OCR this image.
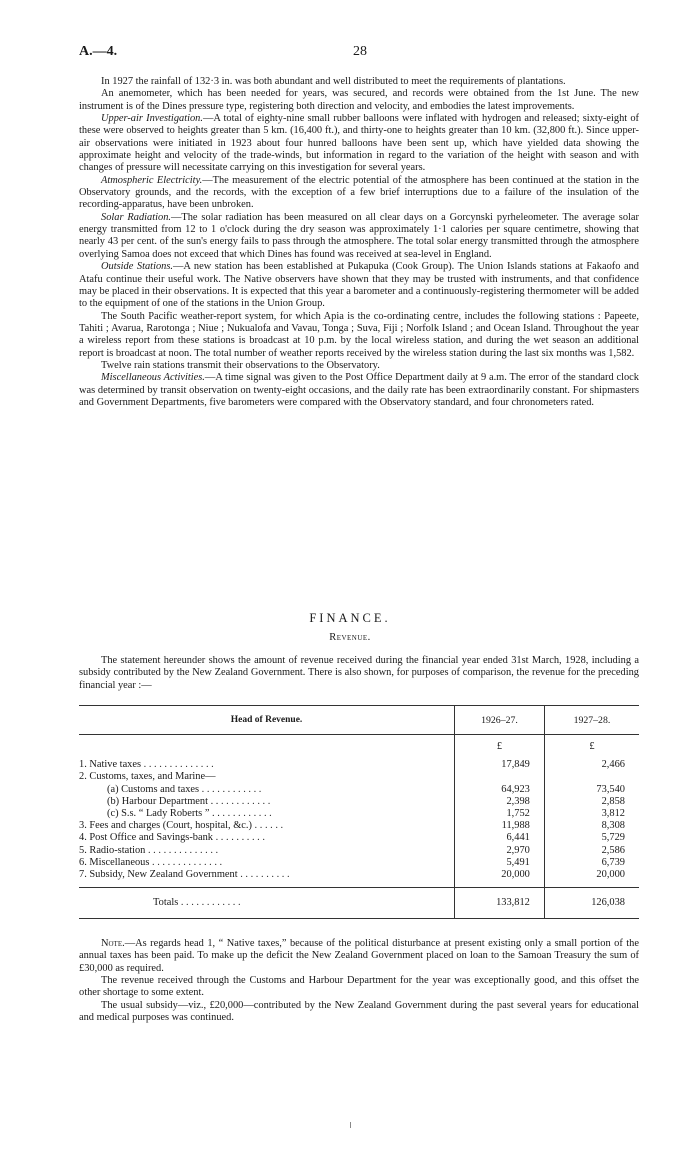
A.—4.	28

In 1927 the rainfall of 132·3 in. was both abundant and well distributed to meet the requirements of plantations.

An anemometer, which has been needed for years, was secured, and records were obtained from the 1st June. The new instrument is of the Dines pressure type, registering both direction and velocity, and embodies the latest improvements.

Upper-air Investigation.—A total of eighty-nine small rubber balloons were inflated with hydrogen and released; sixty-eight of these were observed to heights greater than 5 km. (16,400 ft.), and thirty-one to heights greater than 10 km. (32,800 ft.). Since upper-air observations were initiated in 1923 about four hunred balloons have been sent up, which have yielded data showing the approximate height and velocity of the trade-winds, but information in regard to the variation of the height with season and with changes of pressure will necessitate carrying on this investigation for several years.

Atmospheric Electricity.—The measurement of the electric potential of the atmosphere has been continued at the station in the Observatory grounds, and the records, with the exception of a few brief interruptions due to a failure of the insulation of the recording-apparatus, have been unbroken.

Solar Radiation.—The solar radiation has been measured on all clear days on a Gorcynski pyrheleometer. The average solar energy transmitted from 12 to 1 o'clock during the dry season was approximately 1·1 calories per square centimetre, showing that nearly 43 per cent. of the sun's energy fails to pass through the atmosphere. The total solar energy transmitted through the atmosphere overlying Samoa does not exceed that which Dines has found was received at sea-level in England.

Outside Stations.—A new station has been established at Pukapuka (Cook Group). The Union Islands stations at Fakaofo and Atafu continue their useful work. The Native observers have shown that they may be trusted with instruments, and that confidence may be placed in their observations. It is expected that this year a barometer and a continuously-registering thermometer will be added to the equipment of one of the stations in the Union Group.

The South Pacific weather-report system, for which Apia is the co-ordinating centre, includes the following stations : Papeete, Tahiti ; Avarua, Rarotonga ; Niue ; Nukualofa and Vavau, Tonga ; Suva, Fiji ; Norfolk Island ; and Ocean Island. Throughout the year a wireless report from these stations is broadcast at 10 p.m. by the local wireless station, and during the wet season an additional report is broadcast at noon. The total number of weather reports received by the wireless station during the last six months was 1,582.

Twelve rain stations transmit their observations to the Observatory.

Miscellaneous Activities.—A time signal was given to the Post Office Department daily at 9 a.m. The error of the standard clock was determined by transit observation on twenty-eight occasions, and the daily rate has been extraordinarily constant. For shipmasters and Government Departments, five barometers were compared with the Observatory standard, and four chronometers rated.

FINANCE.
Revenue.

The statement hereunder shows the amount of revenue received during the financial year ended 31st March, 1928, including a subsidy contributed by the New Zealand Government. There is also shown, for purposes of comparison, the revenue for the preceding financial year :—

Head of Revenue.	1926–27.	1927–28.
	£	£

1. Native taxes . . . . . . . . . . . . . .	17,849	2,466
2. Customs, taxes, and Marine—		
(a) Customs and taxes . . . . . . . . . . . .	64,923	73,540
(b) Harbour Department . . . . . . . . . . . .	2,398	2,858
(c) S.s. “ Lady Roberts ” . . . . . . . . . . . .	1,752	3,812
3. Fees and charges (Court, hospital, &c.) . . . . . .	11,988	8,308
4. Post Office and Savings-bank . . . . . . . . . .	6,441	5,729
5. Radio-station . . . . . . . . . . . . . .	2,970	2,586
6. Miscellaneous . . . . . . . . . . . . . .	5,491	6,739
7. Subsidy, New Zealand Government . . . . . . . . . .	20,000	20,000

Totals . . . . . . . . . . . .	133,812	126,038

Note.—As regards head 1, “ Native taxes,” because of the political disturbance at present existing only a small portion of the annual taxes has been paid. To make up the deficit the New Zealand Government placed on loan to the Samoan Treasury the sum of £30,000 as required.

The revenue received through the Customs and Harbour Department for the year was exceptionally good, and this offset the other shortage to some extent.

The usual subsidy—viz., £20,000—contributed by the New Zealand Government during the past several years for educational and medical purposes was continued.
